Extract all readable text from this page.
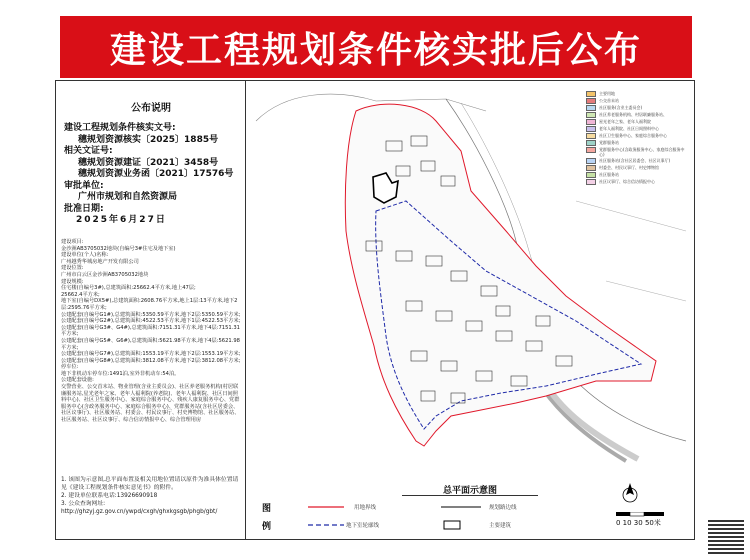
建设工程规划条件核实批后公布
公布说明
建设工程规划条件核实文号:
穗规划资源核实〔2025〕1885号
相关文证号:
穗规划资源建证〔2021〕3458号
穗规划资源业务函〔2021〕17576号
审批单位:
广州市规划和自然资源局
批准日期:
2025年6月27日
建设项目:
金沙洲AB3705032地块(自编号3#住宅及地下室)
建设单位(个人)名称:
广州越秀华城房地产开发有限公司
建设位置:
广州市白云区金沙洲AB3705032地块
建设规模:
住宅楼(自编号3#),总建筑面积:25662.4平方米,地上47层;
25662.4平方米;
地下室(自编号DX5#),总建筑面积:2608.76平方米,地上1层:13平方米,地下2层:2595.76平方米;
公建配套(自编号G1#),总建筑面积:5350.59平方米,地下2层:5350.59平方米;
公建配套(自编号G2#),总建筑面积:4522.53平方米,地下1层:4522.53平方米;
公建配套(自编号G3#、G4#),总建筑面积:7151.31平方米,地下4层:7151.31平方米;
公建配套(自编号G5#、G6#),总建筑面积:5621.98平方米,地下4层:5621.98平方米;
公建配套(自编号G7#),总建筑面积:1553.19平方米,地下2层:1553.19平方米;
公建配套(自编号G8#),总建筑面积:3812.08平方米,地下2层:3812.08平方米;
停车位:
地下非机动车停车位:1491泊,室外非机动车:54泊。
公建配套设施:
交警营业、公交首末站、物业管理(含业主委员会)、社区养老服务机构(村居联廉服务站,星光老年之家、老年人福利院(养老院)、老年人福利院、社区日间照料中心)、社区卫生服务中心、家庭综合服务中心、残疾人康复服务中心、党群服务中心(含政务服务中心、家庭综合服务中心)、党群服务站(含社区居委会、社区议事厅)、社区服务站、村委会、村民议事厅、村史博物馆、社区服务站、社区服务站、社区议事厅、综合信访情报中心、综合管理用房
1. 该图为示意图,总平面布置及相关用地位置请以原件为准具体位置请见《建设工程规划条件核实意见书》的附件。
2. 建设单位联系电话:13926690918
3. 公众查询网址:
http://ghzyj.gz.gov.cn/ywpd/cxgh/ghxkgsgb/phgb/gbt/
主要用地
公交首末站
社区服务(含业主委员会)
社区养老服务机构、村居联廉服务站、
星光老年之家、老年人福利院
老年人福利院、社区日间照料中心
社区卫生服务中心、家庭综合服务中心
党群服务站
党群服务中心(含政务服务中心、家庭综合服务中心)
社区服务站(含社区居委会、社区议事厅)
村委会、村民议事厅、村史博物馆
社区服务站
社区议事厅、综合信访情报中心
总平面示意图
图
例
用地界线	规划路边线
地下室轮廓线	主要建筑	0 10 30 50米
